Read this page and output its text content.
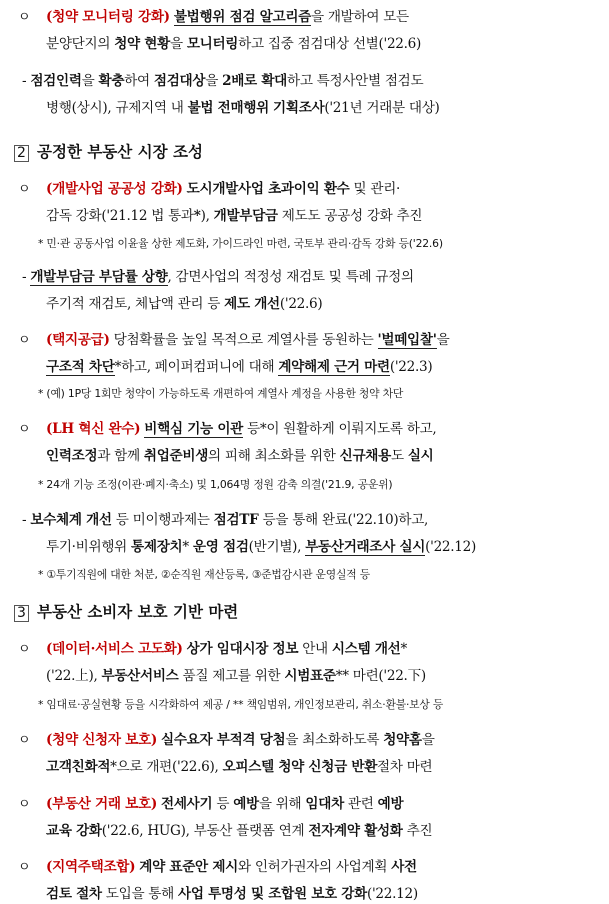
ㅇ(청약 모니터링 강화) 불법행위 점검 알고리즘을 개발하여 모든
분양단지의 청약 현황을 모니터링하고 집중 점검대상 선별('22.6)
- 점검인력을 확충하여 점검대상을 2배로 확대하고 특정사안별 점검도
병행(상시), 규제지역 내 불법 전매행위 기획조사('21년 거래분 대상)
2 공정한 부동산 시장 조성
ㅇ (개발사업 공공성 강화) 도시개발사업 초과이익 환수 및 관리·
감독 강화('21.12 법 통과*), 개발부담금 제도도 공공성 강화 추진
* 민·관 공동사업 이윤율 상한 제도화, 가이드라인 마련, 국토부 관리·감독 강화 등('22.6)
- 개발부담금 부담률 상향, 감면사업의 적정성 재검토 및 특례 규정의
주기적 재검토, 체납액 관리 등 제도 개선('22.6)
ㅇ (택지공급) 당첨확률을 높일 목적으로 계열사를 동원하는 '벌떼입찰'을
구조적 차단*하고, 페이퍼컴퍼니에 대해 계약해제 근거 마련('22.3)
* (예) 1P당 1회만 청약이 가능하도록 개편하여 계열사 계정을 사용한 청약 차단
ㅇ (LH 혁신 완수) 비핵심 기능 이관 등*이 원활하게 이뤄지도록 하고,
인력조정과 함께 취업준비생의 피해 최소화를 위한 신규채용도 실시
* 24개 기능 조정(이관·폐지·축소) 및 1,064명 정원 감축 의결('21.9, 공운위)
- 보수체계 개선 등 미이행과제는 점검TF 등을 통해 완료('22.10)하고,
투기·비위행위 통제장치* 운영 점검(반기별), 부동산거래조사 실시('22.12)
* ①투기직원에 대한 처분, ②순직원 재산등록, ③준법감시관 운영실적 등
3 부동산 소비자 보호 기반 마련
ㅇ (데이터·서비스 고도화) 상가 임대시장 정보 안내 시스템 개선*
('22.上), 부동산서비스 품질 제고를 위한 시범표준** 마련('22.下)
* 임대료·공실현황 등을 시각화하여 제공 / ** 책임범위, 개인정보관리, 취소·환불·보상 등
ㅇ (청약 신청자 보호) 실수요자 부적격 당첨을 최소화하도록 청약홈을
고객친화적*으로 개편('22.6), 오피스텔 청약 신청금 반환절차 마련
ㅇ (부동산 거래 보호) 전세사기 등 예방을 위해 임대차 관련 예방
교육 강화('22.6, HUG), 부동산 플랫폼 연계 전자계약 활성화 추진
ㅇ (지역주택조합) 계약 표준안 제시와 인허가권자의 사업계획 사전
검토 절차 도입을 통해 사업 투명성 및 조합원 보호 강화('22.12)
